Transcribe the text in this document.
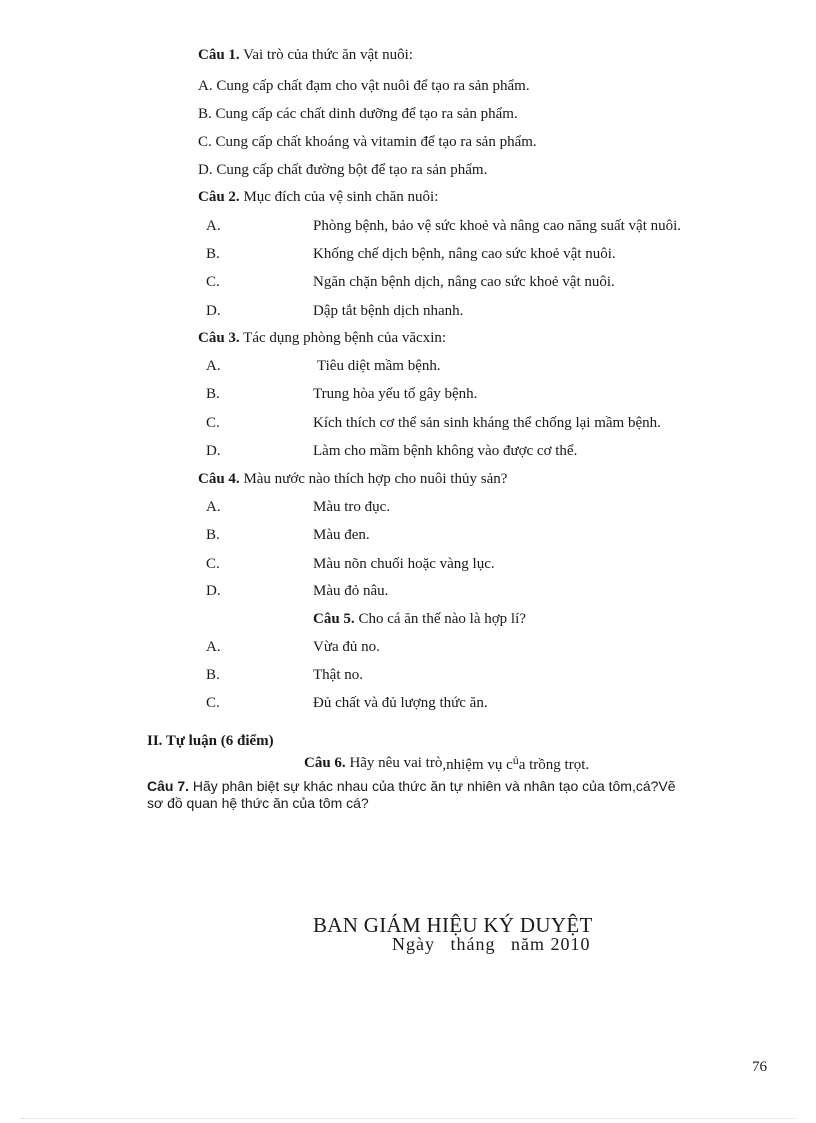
Câu 1. Vai trò của thức ăn vật nuôi:
A. Cung cấp chất đạm cho vật nuôi để tạo ra sản phẩm.
B. Cung cấp các chất dinh dưỡng để tạo ra sản phẩm.
C. Cung cấp chất khoáng và vitamin để tạo ra sản phẩm.
D. Cung cấp chất đường bột để tạo ra sản phẩm.
Câu 2. Mục đích của vệ sinh chăn nuôi:
A.	Phòng bệnh, bảo vệ sức khoẻ và nâng cao năng suất vật nuôi.
B.	Khống chế dịch bệnh, nâng cao sức khoẻ vật nuôi.
C.	Ngăn chặn bệnh dịch, nâng cao sức khoẻ vật nuôi.
D.	Dập tắt bệnh dịch nhanh.
Câu 3. Tác dụng phòng bệnh của văcxin:
A.	Tiêu diệt mầm bệnh.
B.	Trung hòa yếu tố gây bệnh.
C.	Kích thích cơ thể sản sinh kháng thể chống lại mầm bệnh.
D.	Làm cho mầm bệnh không vào được cơ thể.
Câu 4. Màu nước nào thích hợp cho nuôi thủy sản?
A.	Màu tro đục.
B.	Màu đen.
C.	Màu nõn chuối hoặc vàng lục.
D.	Màu đỏ nâu.
Câu 5. Cho cá ăn thế nào là hợp lí?
A.	Vừa đủ no.
B.	Thật no.
C.	Đủ chất và đủ lượng thức ăn.
II. Tự luận (6 điểm)
Câu 6. Hãy nêu vai trò,nhiệm vụ $c^ủa$ trồng trọt.
Câu 7. Hãy phân biệt sự khác nhau của thức ăn tự nhiên và nhân tạo của tôm,cá?Vẽ
sơ đồ quan hệ thức ăn của tôm cá?
BAN GIÁM HIỆU KÝ DUYỆT
Ngày tháng năm 2010
76
